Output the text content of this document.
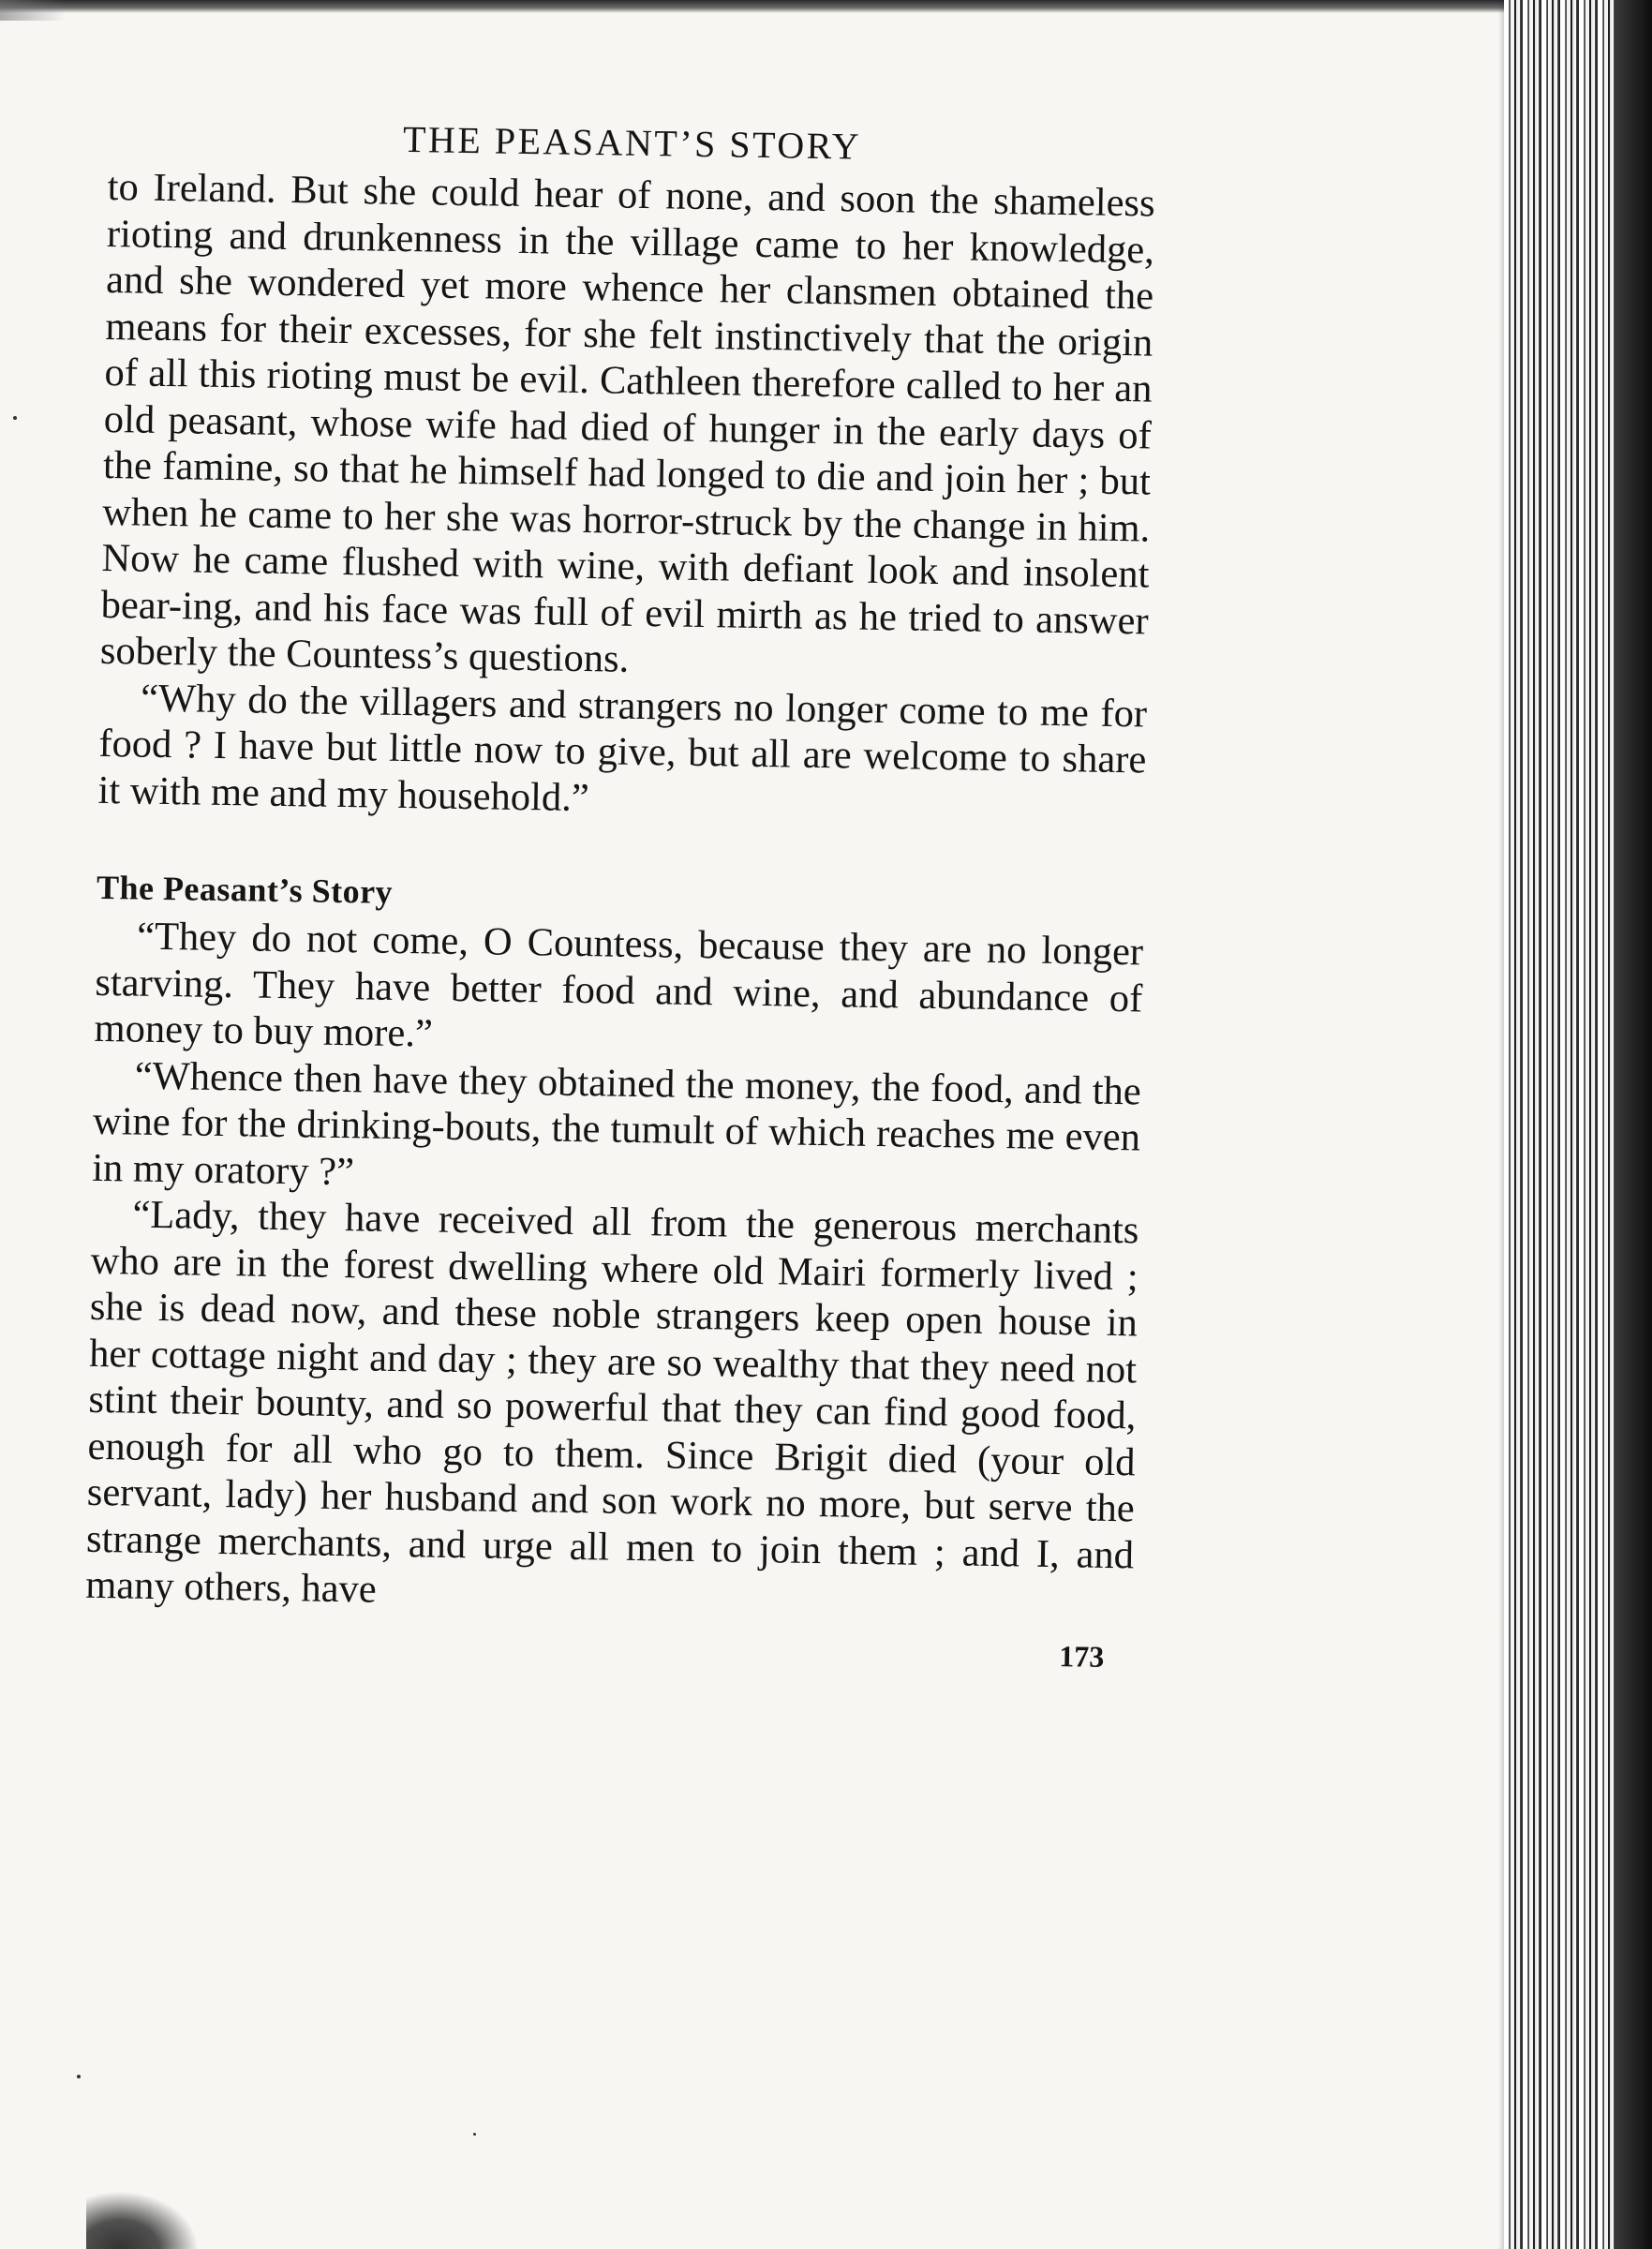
THE PEASANT’S STORY

to Ireland. But she could hear of none, and soon the shameless rioting and drunkenness in the village came to her knowledge, and she wondered yet more whence her clansmen obtained the means for their excesses, for she felt instinctively that the origin of all this rioting must be evil. Cathleen therefore called to her an old peasant, whose wife had died of hunger in the early days of the famine, so that he himself had longed to die and join her ; but when he came to her she was horror-struck by the change in him. Now he came flushed with wine, with defiant look and insolent bear-ing, and his face was full of evil mirth as he tried to answer soberly the Countess’s questions.

“Why do the villagers and strangers no longer come to me for food ? I have but little now to give, but all are welcome to share it with me and my household.”

The Peasant’s Story

“They do not come, O Countess, because they are no longer starving. They have better food and wine, and abundance of money to buy more.”

“Whence then have they obtained the money, the food, and the wine for the drinking-bouts, the tumult of which reaches me even in my oratory ?”

“Lady, they have received all from the generous merchants who are in the forest dwelling where old Mairi formerly lived ; she is dead now, and these noble strangers keep open house in her cottage night and day ; they are so wealthy that they need not stint their bounty, and so powerful that they can find good food, enough for all who go to them. Since Brigit died (your old servant, lady) her husband and son work no more, but serve the strange merchants, and urge all men to join them ; and I, and many others, have

173
